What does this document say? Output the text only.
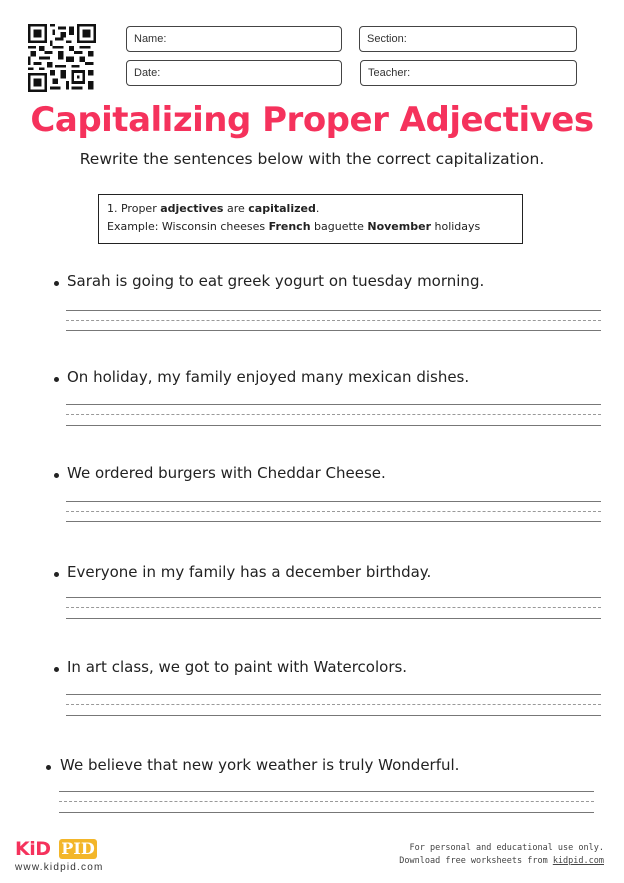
Name:	Section:
Date:	Teacher:
Capitalizing Proper Adjectives
Rewrite the sentences below with the correct capitalization.
1. Proper adjectives are capitalized.
Example: Wisconsin cheeses French baguette November holidays
Sarah is going to eat greek yogurt on tuesday morning.
On holiday, my family enjoyed many mexican dishes.
We ordered burgers with Cheddar Cheese.
Everyone in my family has a december birthday.
In art class, we got to paint with Watercolors.
We believe that new york weather is truly Wonderful.
KiD PID
www.kidpid.com
For personal and educational use only.
Download free worksheets from kidpid.com
